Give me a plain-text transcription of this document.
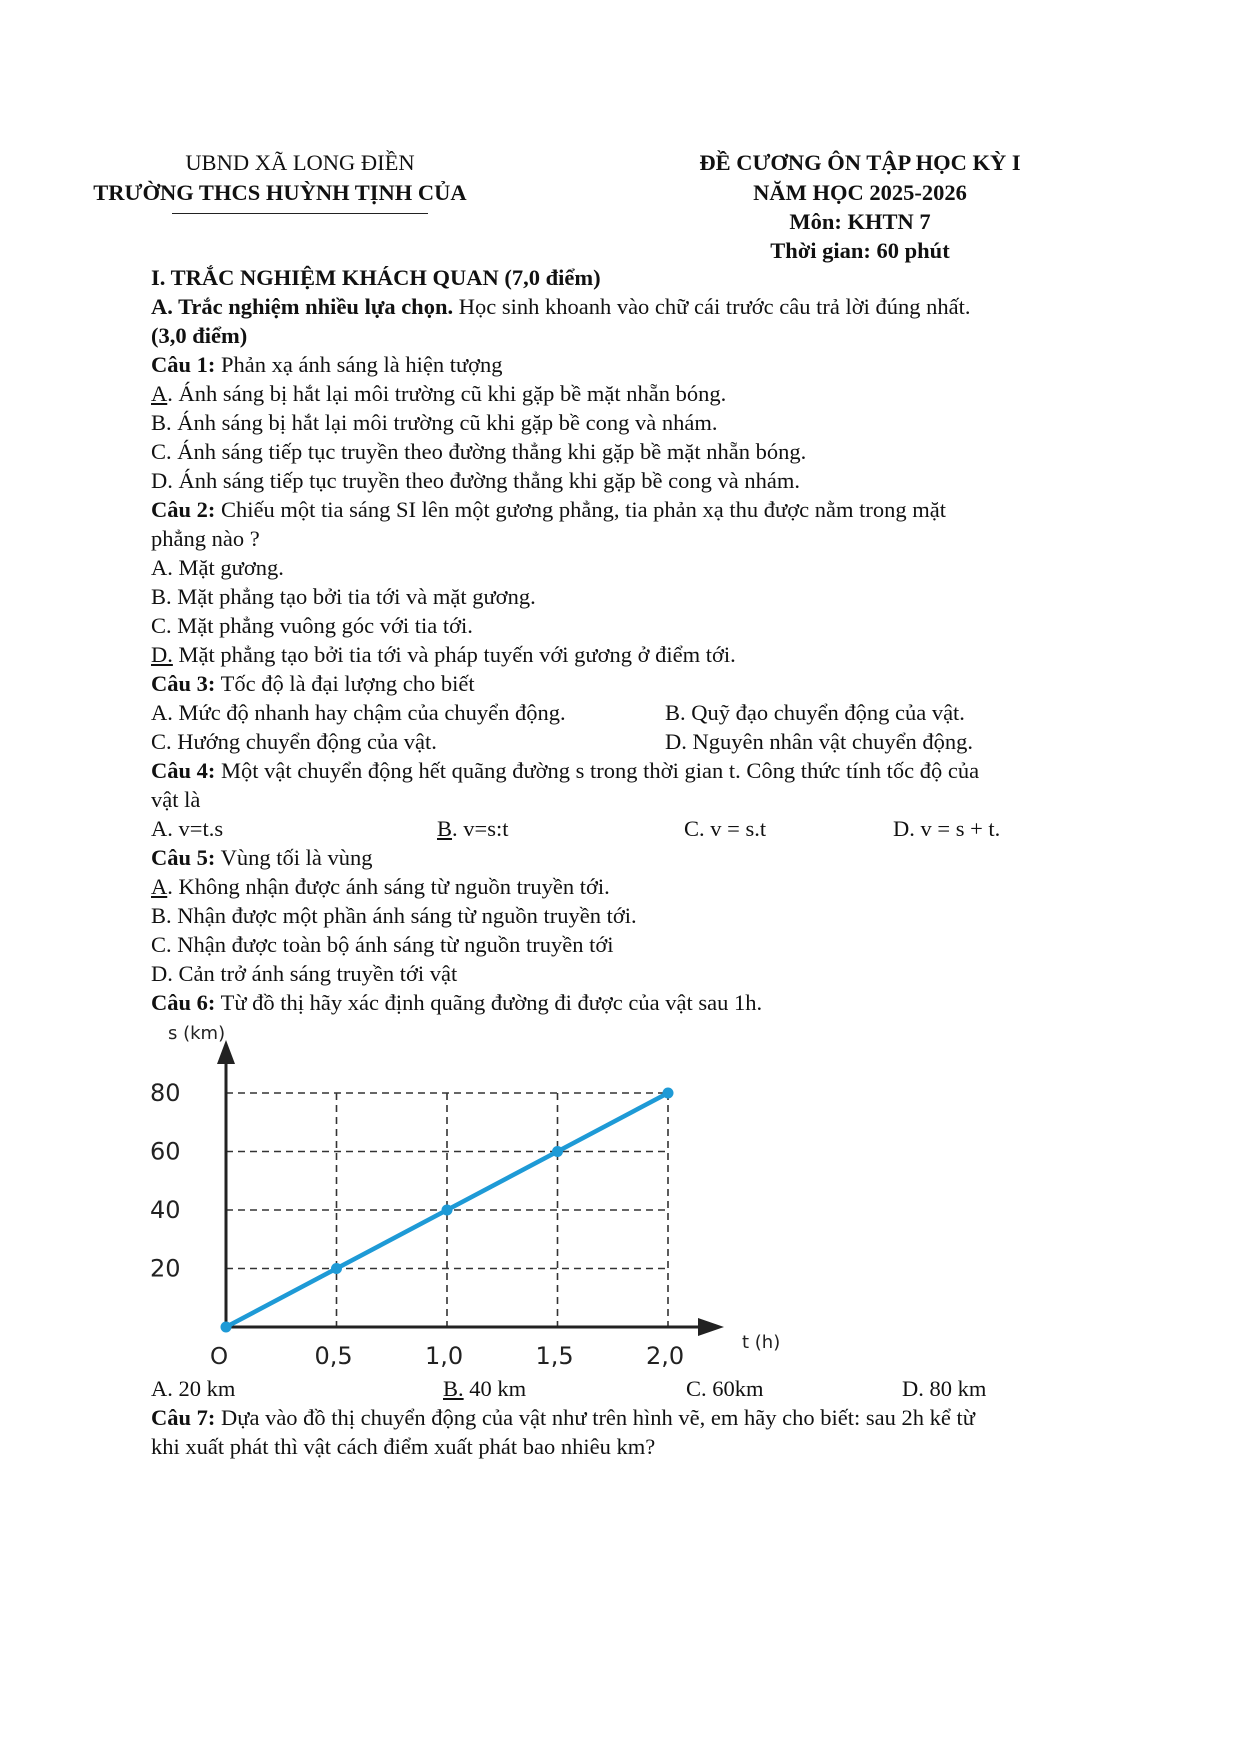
UBND XÃ LONG ĐIỀN
TRƯỜNG THCS HUỲNH TỊNH CỦA
ĐỀ CƯƠNG ÔN TẬP HỌC KỲ I
NĂM HỌC 2025-2026
Môn: KHTN 7
Thời gian: 60 phút
I. TRẮC NGHIỆM KHÁCH QUAN (7,0 điểm)
A. Trắc nghiệm nhiều lựa chọn. Học sinh khoanh vào chữ cái trước câu trả lời đúng nhất.
(3,0 điểm)
Câu 1: Phản xạ ánh sáng là hiện tượng
A. Ánh sáng bị hắt lại môi trường cũ khi gặp bề mặt nhẵn bóng.
B. Ánh sáng bị hắt lại môi trường cũ khi gặp bề cong và nhám.
C. Ánh sáng tiếp tục truyền theo đường thẳng khi gặp bề mặt nhẵn bóng.
D. Ánh sáng tiếp tục truyền theo đường thẳng khi gặp bề cong và nhám.
Câu 2: Chiếu một tia sáng SI lên một gương phẳng, tia phản xạ thu được nằm trong mặt
phẳng nào ?
A. Mặt gương.
B. Mặt phẳng tạo bởi tia tới và mặt gương.
C. Mặt phẳng vuông góc với tia tới.
D. Mặt phẳng tạo bởi tia tới và pháp tuyến với gương ở điểm tới.
Câu 3: Tốc độ là đại lượng cho biết
A. Mức độ nhanh hay chậm của chuyển động.	B. Quỹ đạo chuyển động của vật.
C. Hướng chuyển động của vật.	D. Nguyên nhân vật chuyển động.
Câu 4: Một vật chuyển động hết quãng đường s trong thời gian t. Công thức tính tốc độ của
vật là
A. v=t.s	B. v=s:t	C. v = s.t	D. v = s + t.
Câu 5: Vùng tối là vùng
A. Không nhận được ánh sáng từ nguồn truyền tới.
B. Nhận được một phần ánh sáng từ nguồn truyền tới.
C. Nhận được toàn bộ ánh sáng từ nguồn truyền tới
D. Cản trở ánh sáng truyền tới vật
Câu 6: Từ đồ thị hãy xác định quãng đường đi được của vật sau 1h.
s (km)
t (h)
O
20
40
60
80
0,5	1,0	1,5	2,0
A. 20 km	B. 40 km	C. 60km	D. 80 km
Câu 7: Dựa vào đồ thị chuyển động của vật như trên hình vẽ, em hãy cho biết: sau 2h kể từ
khi xuất phát thì vật cách điểm xuất phát bao nhiêu km?
